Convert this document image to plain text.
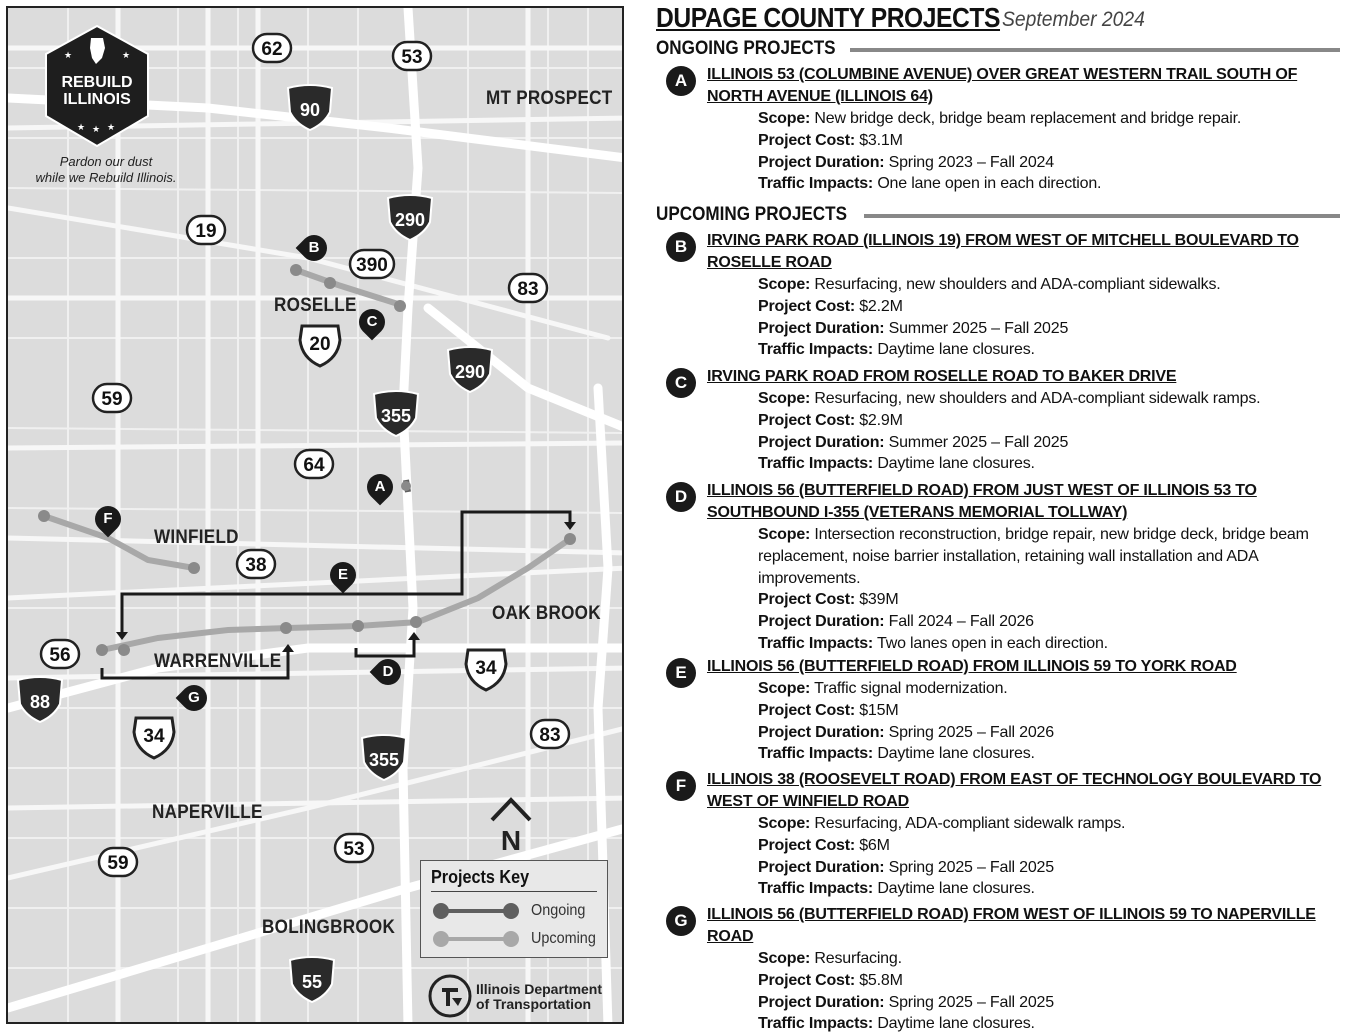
62	53
19
390
83
59
64
38
56
83
59
53
20
34
34
90
290
290
355
88
355
55
★	★
★ ★ ★
REBUILD
ILLINOIS
Pardon our dust
while we Rebuild Illinois.
MT PROSPECT
ROSELLE
WINFIELD
WARRENVILLE
OAK BROOK
NAPERVILLE
BOLINGBROOK
B
C
A
F
E
D
G
N
Projects Key
Ongoing
Upcoming
Illinois Department
of Transportation
DUPAGE COUNTY PROJECTS September 2024
ONGOING PROJECTS
UPCOMING PROJECTS
A	ILLINOIS 53 (COLUMBINE AVENUE) OVER GREAT WESTERN TRAIL SOUTH OF NORTH AVENUE (ILLINOIS 64)
Scope: New bridge deck, bridge beam replacement and bridge repair.
Project Cost: $3.1M
Project Duration: Spring 2023 – Fall 2024
Traffic Impacts: One lane open in each direction.
B	IRVING PARK ROAD (ILLINOIS 19) FROM WEST OF MITCHELL BOULEVARD TO ROSELLE ROAD
Scope: Resurfacing, new shoulders and ADA-compliant sidewalks.
Project Cost: $2.2M
Project Duration: Summer 2025 – Fall 2025
Traffic Impacts: Daytime lane closures.
C	IRVING PARK ROAD FROM ROSELLE ROAD TO BAKER DRIVE
Scope: Resurfacing, new shoulders and ADA-compliant sidewalk ramps.
Project Cost: $2.9M
Project Duration: Summer 2025 – Fall 2025
Traffic Impacts: Daytime lane closures.
D	ILLINOIS 56 (BUTTERFIELD ROAD) FROM JUST WEST OF ILLINOIS 53 TO SOUTHBOUND I-355 (VETERANS MEMORIAL TOLLWAY)
Scope: Intersection reconstruction, bridge repair, new bridge deck, bridge beam replacement, noise barrier installation, retaining wall installation and ADA improvements.
Project Cost: $39M
Project Duration: Fall 2024 – Fall 2026
Traffic Impacts: Two lanes open in each direction.
E	ILLINOIS 56 (BUTTERFIELD ROAD) FROM ILLINOIS 59 TO YORK ROAD
Scope: Traffic signal modernization.
Project Cost: $15M
Project Duration: Spring 2025 – Fall 2026
Traffic Impacts: Daytime lane closures.
F	ILLINOIS 38 (ROOSEVELT ROAD) FROM EAST OF TECHNOLOGY BOULEVARD TO WEST OF WINFIELD ROAD
Scope: Resurfacing, ADA-compliant sidewalk ramps.
Project Cost: $6M
Project Duration: Spring 2025 – Fall 2025
Traffic Impacts: Daytime lane closures.
G	ILLINOIS 56 (BUTTERFIELD ROAD) FROM WEST OF ILLINOIS 59 TO NAPERVILLE ROAD
Scope: Resurfacing.
Project Cost: $5.8M
Project Duration: Spring 2025 – Fall 2025
Traffic Impacts: Daytime lane closures.
